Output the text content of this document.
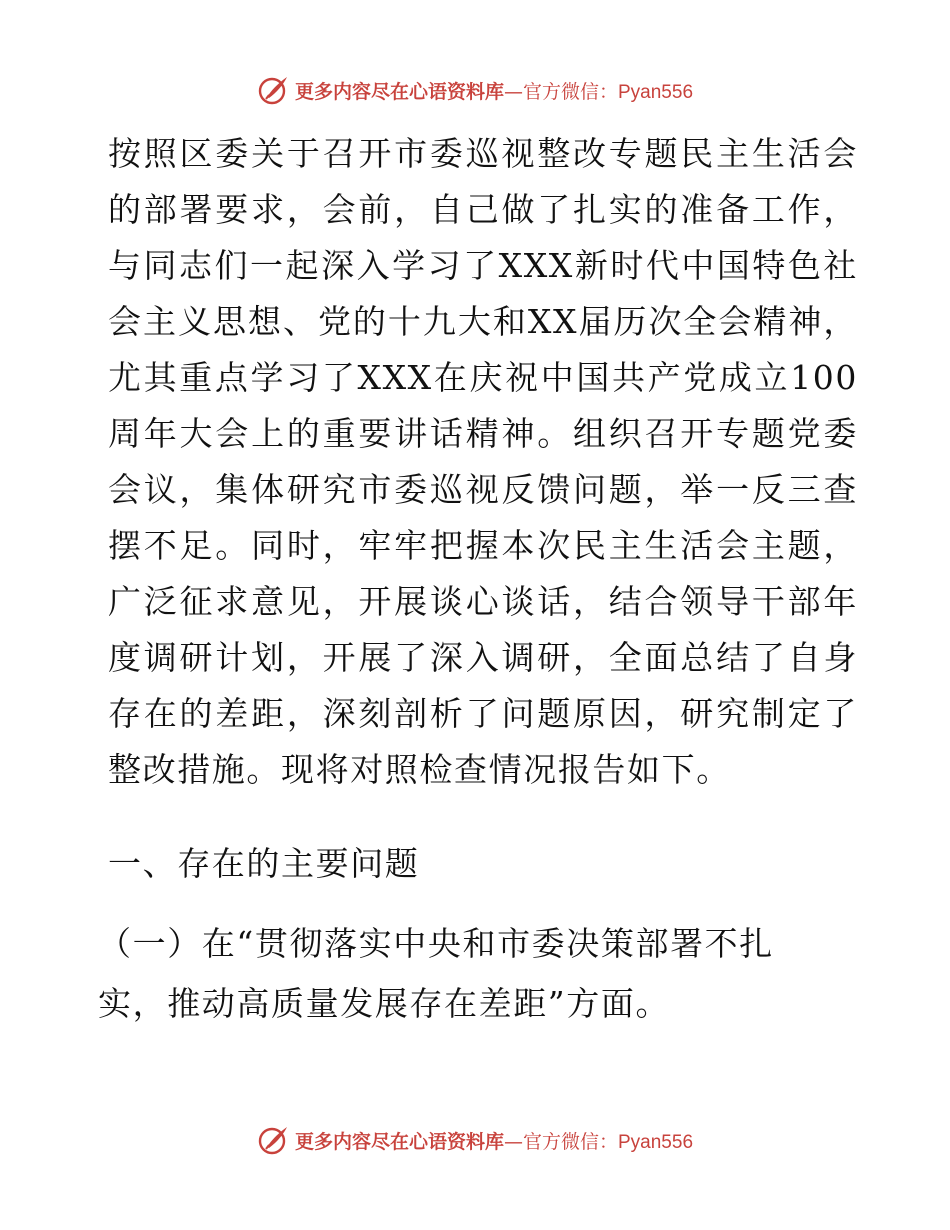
更多内容尽在心语资料库—官方微信：Pyan556

按照区委关于召开市委巡视整改专题民主生活会的部署要求，会前，自己做了扎实的准备工作，与同志们一起深入学习了XXX新时代中国特色社会主义思想、党的十九大和XX届历次全会精神，尤其重点学习了XXX在庆祝中国共产党成立100周年大会上的重要讲话精神。组织召开专题党委会议，集体研究市委巡视反馈问题，举一反三查摆不足。同时，牢牢把握本次民主生活会主题，广泛征求意见，开展谈心谈话，结合领导干部年度调研计划，开展了深入调研，全面总结了自身存在的差距，深刻剖析了问题原因，研究制定了整改措施。现将对照检查情况报告如下。

一、存在的主要问题

（一）在“贯彻落实中央和市委决策部署不扎实，推动高质量发展存在差距”方面。

更多内容尽在心语资料库—官方微信：Pyan556
